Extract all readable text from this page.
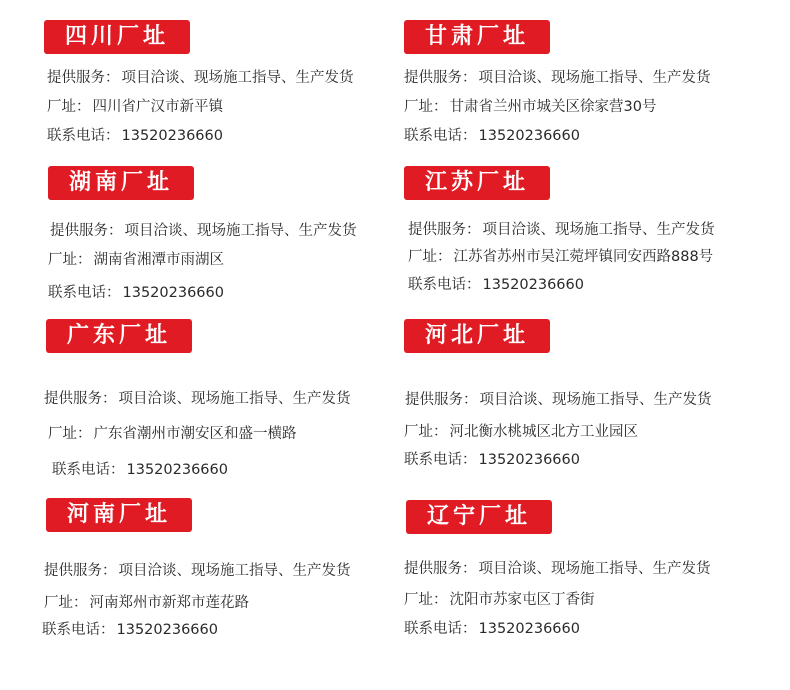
四川厂址
提供服务： 项目洽谈、现场施工指导、生产发货
厂址： 四川省广汉市新平镇
联系电话： 13520236660
甘肃厂址
提供服务： 项目洽谈、现场施工指导、生产发货
厂址： 甘肃省兰州市城关区徐家营30号
联系电话： 13520236660
湖南厂址
提供服务： 项目洽谈、现场施工指导、生产发货
厂址： 湖南省湘潭市雨湖区
联系电话： 13520236660
江苏厂址
提供服务： 项目洽谈、现场施工指导、生产发货
厂址： 江苏省苏州市吴江菀坪镇同安西路888号
联系电话： 13520236660
广东厂址
提供服务： 项目洽谈、现场施工指导、生产发货
厂址： 广东省潮州市潮安区和盛一横路
联系电话： 13520236660
河北厂址
提供服务： 项目洽谈、现场施工指导、生产发货
厂址： 河北衡水桃城区北方工业园区
联系电话： 13520236660
河南厂址
提供服务： 项目洽谈、现场施工指导、生产发货
厂址： 河南郑州市新郑市莲花路
联系电话： 13520236660
辽宁厂址
提供服务： 项目洽谈、现场施工指导、生产发货
厂址： 沈阳市苏家屯区丁香街
联系电话： 13520236660
